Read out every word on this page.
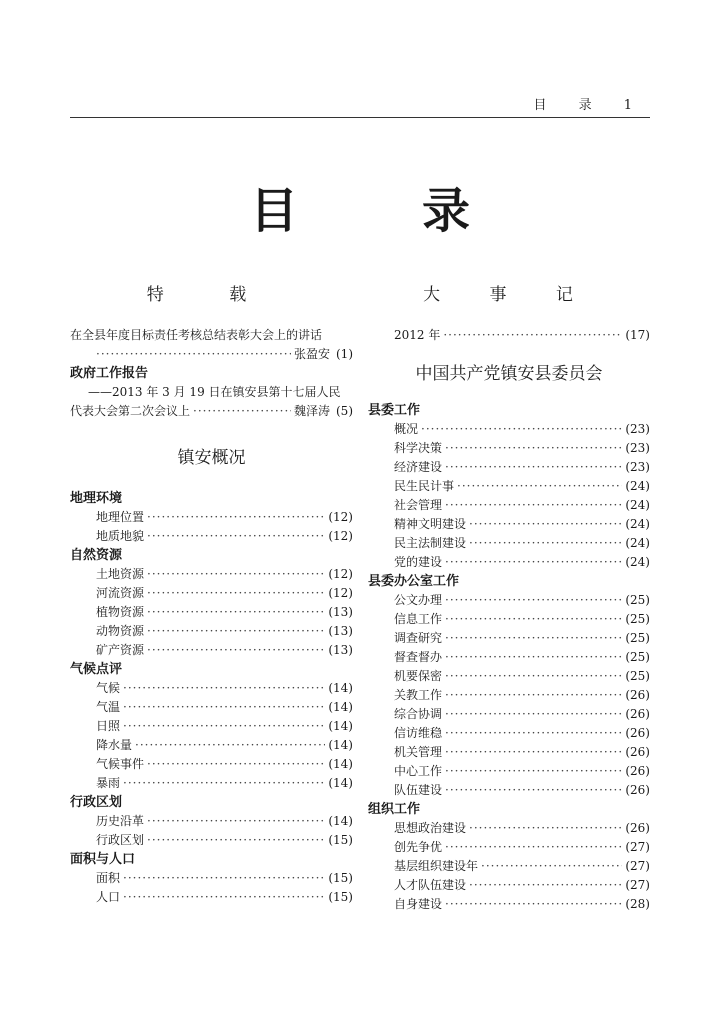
目 录 1
目	录
特 载
在全县年度目标责任考核总结表彰大会上的讲话
·····
张盈安 (1)
政府工作报告
——2013 年 3 月 19 日在镇安县第十七届人民
代表大会第二次会议上 ·····	魏泽涛 (5)
镇安概况
地理环境
地理位置 ·····	(12)
地质地貌 ·····	(12)
自然资源
土地资源 ·····	(12)
河流资源 ·····	(12)
植物资源 ·····	(13)
动物资源 ·····	(13)
矿产资源 ·····	(13)
气候点评
气候 ·····	(14)
气温 ·····	(14)
日照 ·····	(14)
降水量 ·····	(14)
气候事件 ·····	(14)
暴雨 ·····	(14)
行政区划
历史沿革 ·····	(14)
行政区划 ·····	(15)
面积与人口
面积 ·····	(15)
人口 ·····	(15)
大 事 记
2012 年 ·····	(17)
中国共产党镇安县委员会
县委工作
概况 ·····	(23)
科学决策 ·····	(23)
经济建设 ·····	(23)
民生民计事 ·····	(24)
社会管理 ·····	(24)
精神文明建设 ·····	(24)
民主法制建设 ·····	(24)
党的建设 ·····	(24)
县委办公室工作
公文办理 ·····	(25)
信息工作 ·····	(25)
调查研究 ·····	(25)
督查督办 ·····	(25)
机要保密 ·····	(25)
关教工作 ·····	(26)
综合协调 ·····	(26)
信访维稳 ·····	(26)
机关管理 ·····	(26)
中心工作 ·····	(26)
队伍建设 ·····	(26)
组织工作
思想政治建设 ·····	(26)
创先争优 ·····	(27)
基层组织建设年 ·····	(27)
人才队伍建设 ·····	(27)
自身建设 ·····	(28)
